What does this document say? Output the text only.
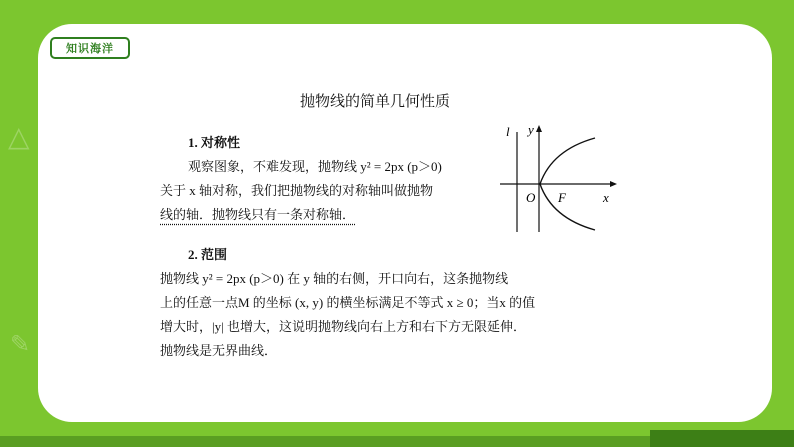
△
✎
知识海洋
抛物线的简单几何性质
1. 对称性
观察图象，不难发现，抛物线 y² = 2px (p＞0)
关于 x 轴对称，我们把抛物线的对称轴叫做抛物
线的轴．抛物线只有一条对称轴．
l y
O F	x
2. 范围
抛物线 y² = 2px (p＞0) 在 y 轴的右侧，开口向右，这条抛物线
上的任意一点M 的坐标 (x, y) 的横坐标满足不等式 x ≥ 0；当x 的值
增大时，|y| 也增大，这说明抛物线向右上方和右下方无限延伸．
抛物线是无界曲线．
